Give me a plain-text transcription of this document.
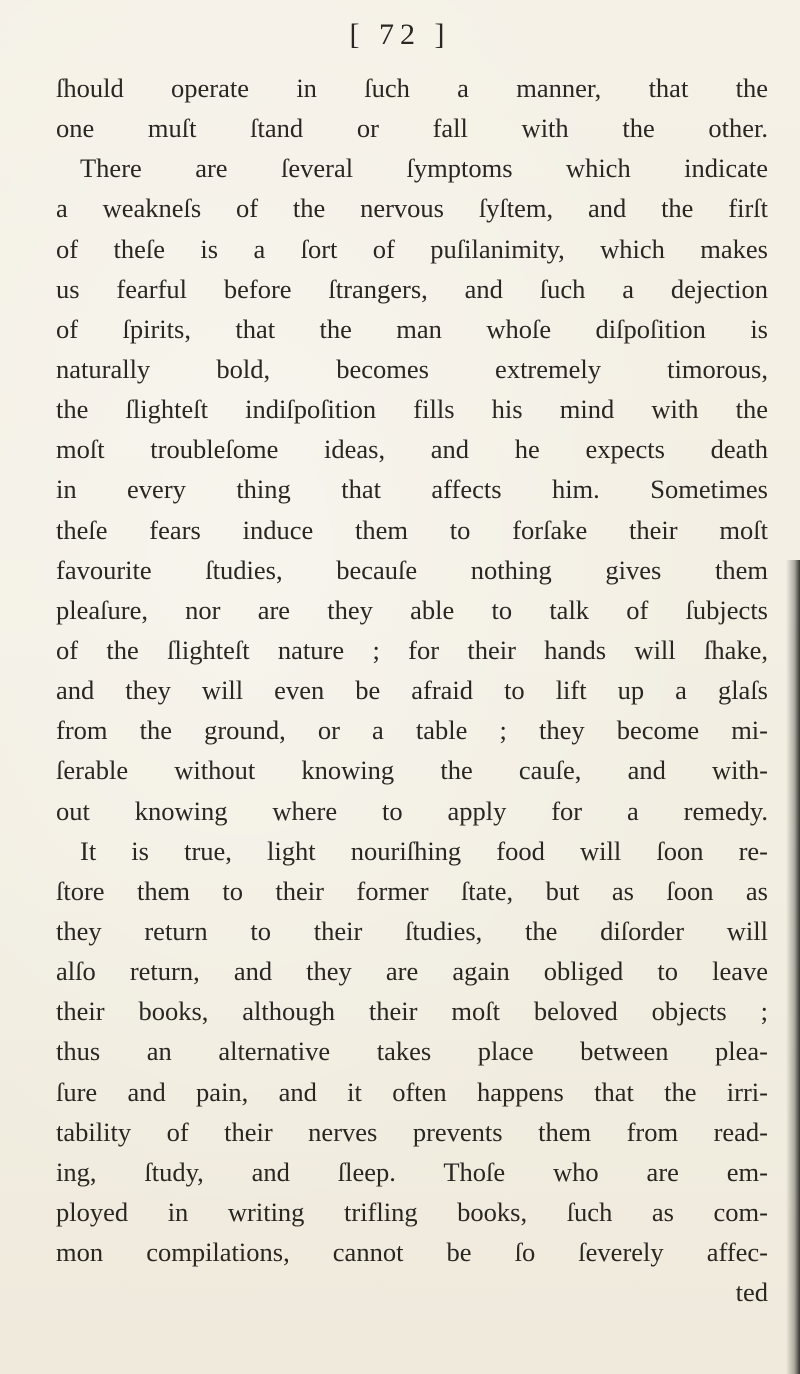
[ 72 ]
ſhould operate in ſuch a manner, that the
one muſt ſtand or fall with the other.
There are ſeveral ſymptoms which indicate
a weakneſs of the nervous ſyſtem, and the firſt
of theſe is a ſort of puſilanimity, which makes
us fearful before ſtrangers, and ſuch a dejection
of ſpirits, that the man whoſe diſpoſition is
naturally bold, becomes extremely timorous,
the ſlighteſt indiſpoſition fills his mind with the
moſt troubleſome ideas, and he expects death
in every thing that affects him. Sometimes
theſe fears induce them to forſake their moſt
favourite ſtudies, becauſe nothing gives them
pleaſure, nor are they able to talk of ſubjects
of the ſlighteſt nature ; for their hands will ſhake,
and they will even be afraid to lift up a glaſs
from the ground, or a table ; they become mi-
ſerable without knowing the cauſe, and with-
out knowing where to apply for a remedy.
It is true, light nouriſhing food will ſoon re-
ſtore them to their former ſtate, but as ſoon as
they return to their ſtudies, the diſorder will
alſo return, and they are again obliged to leave
their books, although their moſt beloved objects ;
thus an alternative takes place between plea-
ſure and pain, and it often happens that the irri-
tability of their nerves prevents them from read-
ing, ſtudy, and ſleep. Thoſe who are em-
ployed in writing trifling books, ſuch as com-
mon compilations, cannot be ſo ſeverely affec-
ted
